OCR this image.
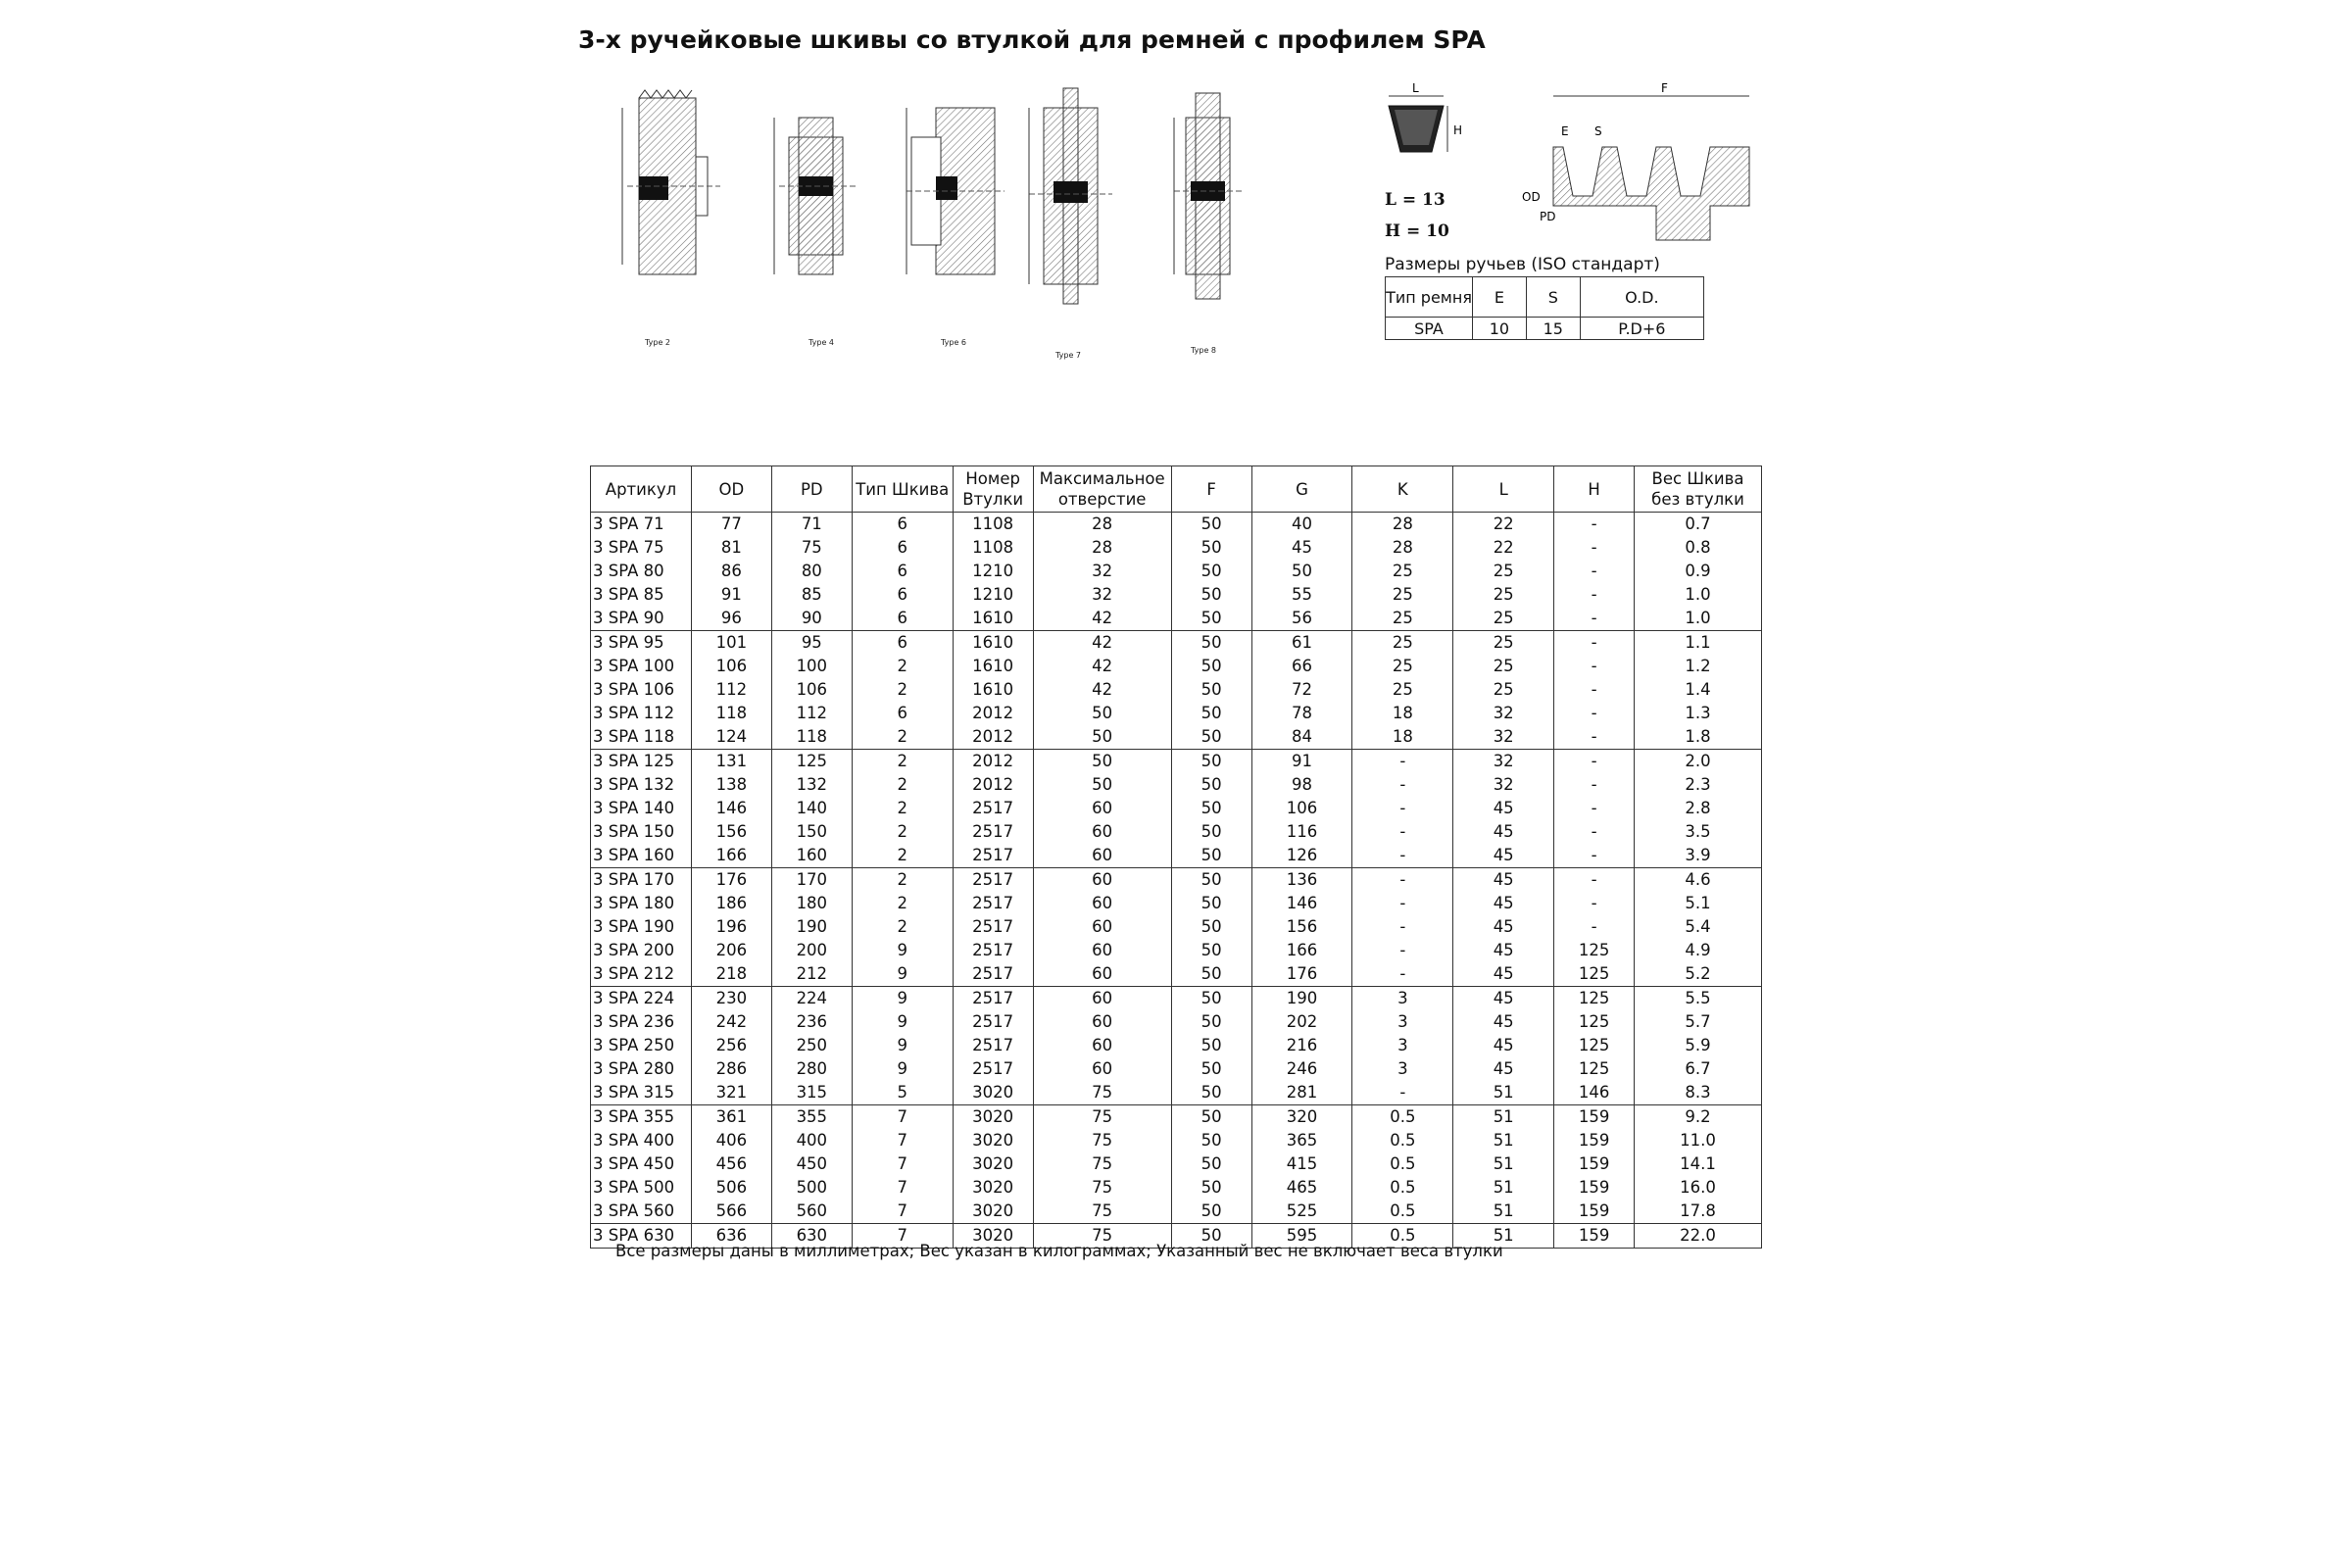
3-х ручейковые шкивы со втулкой для ремней с профилем SPA
Type 2	Type 4	Type 6
Type 7
Type 8
L
H
L = 13
H = 10
F
E S
OD
PD
Размеры ручьев (ISO стандарт)
Тип ремня	E	S	O.D.
SPA	10	15	P.D+6
Артикул	OD	PD	Тип Шкива	Номер Втулки	Максимальное отверстие	F	G	K	L	H	Вес Шкива без втулки
3 SPA 71	77	71	6	1108	28	50	40	28	22	-	0.7
3 SPA 75	81	75	6	1108	28	50	45	28	22	-	0.8
3 SPA 80	86	80	6	1210	32	50	50	25	25	-	0.9
3 SPA 85	91	85	6	1210	32	50	55	25	25	-	1.0
3 SPA 90	96	90	6	1610	42	50	56	25	25	-	1.0
3 SPA 95	101	95	6	1610	42	50	61	25	25	-	1.1
3 SPA 100	106	100	2	1610	42	50	66	25	25	-	1.2
3 SPA 106	112	106	2	1610	42	50	72	25	25	-	1.4
3 SPA 112	118	112	6	2012	50	50	78	18	32	-	1.3
3 SPA 118	124	118	2	2012	50	50	84	18	32	-	1.8
3 SPA 125	131	125	2	2012	50	50	91	-	32	-	2.0
3 SPA 132	138	132	2	2012	50	50	98	-	32	-	2.3
3 SPA 140	146	140	2	2517	60	50	106	-	45	-	2.8
3 SPA 150	156	150	2	2517	60	50	116	-	45	-	3.5
3 SPA 160	166	160	2	2517	60	50	126	-	45	-	3.9
3 SPA 170	176	170	2	2517	60	50	136	-	45	-	4.6
3 SPA 180	186	180	2	2517	60	50	146	-	45	-	5.1
3 SPA 190	196	190	2	2517	60	50	156	-	45	-	5.4
3 SPA 200	206	200	9	2517	60	50	166	-	45	125	4.9
3 SPA 212	218	212	9	2517	60	50	176	-	45	125	5.2
3 SPA 224	230	224	9	2517	60	50	190	3	45	125	5.5
3 SPA 236	242	236	9	2517	60	50	202	3	45	125	5.7
3 SPA 250	256	250	9	2517	60	50	216	3	45	125	5.9
3 SPA 280	286	280	9	2517	60	50	246	3	45	125	6.7
3 SPA 315	321	315	5	3020	75	50	281	-	51	146	8.3
3 SPA 355	361	355	7	3020	75	50	320	0.5	51	159	9.2
3 SPA 400	406	400	7	3020	75	50	365	0.5	51	159	11.0
3 SPA 450	456	450	7	3020	75	50	415	0.5	51	159	14.1
3 SPA 500	506	500	7	3020	75	50	465	0.5	51	159	16.0
3 SPA 560	566	560	7	3020	75	50	525	0.5	51	159	17.8
3 SPA 630	636	630	7	3020	75	50	595	0.5	51	159	22.0
Все размеры даны в миллиметрах; Вес указан в килограммах; Указанный вес не включает веса втулки
